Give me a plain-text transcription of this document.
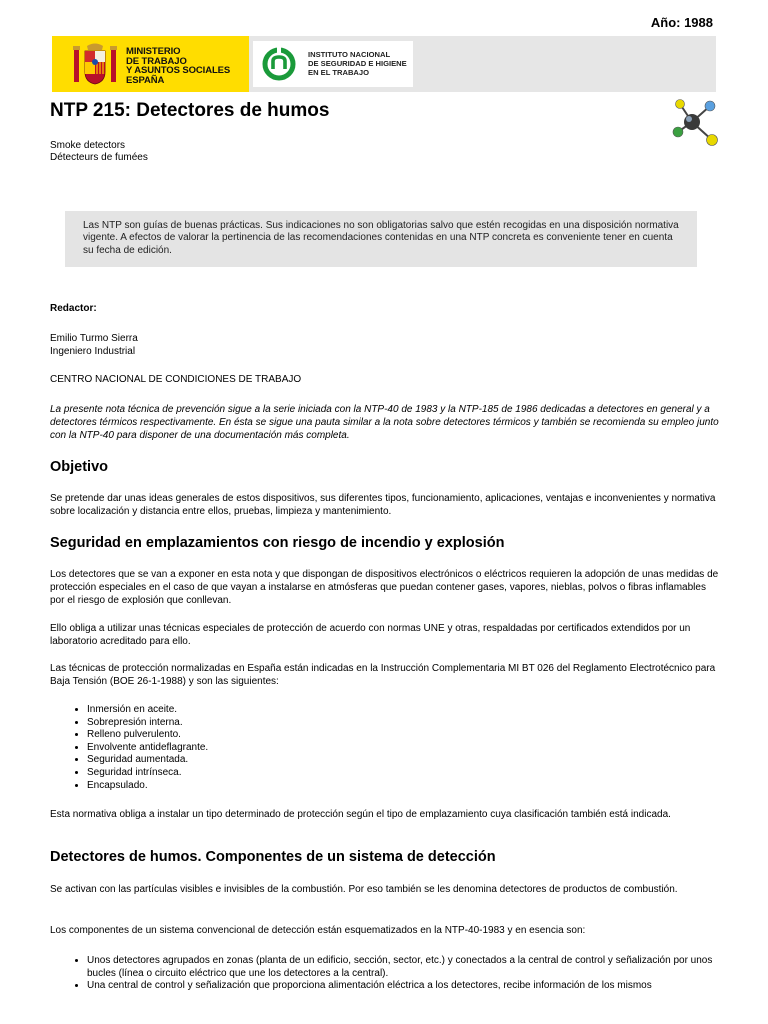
Año: 1988
MINISTERIO
DE TRABAJO
Y ASUNTOS SOCIALES
ESPAÑA
INSTITUTO NACIONAL
DE SEGURIDAD E HIGIENE
EN EL TRABAJO
NTP 215: Detectores de humos
Smoke detectors
Détecteurs de fumées
Las NTP son guías de buenas prácticas. Sus indicaciones no son obligatorias salvo que estén recogidas en una disposición normativa vigente. A efectos de valorar la pertinencia de las recomendaciones contenidas en una NTP concreta es conveniente tener en cuenta su fecha de edición.

Redactor:

Emilio Turmo Sierra

Ingeniero Industrial

CENTRO NACIONAL DE CONDICIONES DE TRABAJO

La presente nota técnica de prevención sigue a la serie iniciada con la NTP-40 de 1983 y la NTP-185 de 1986 dedicadas a detectores en general y a detectores térmicos respectivamente. En ésta se sigue una pauta similar a la nota sobre detectores térmicos y también se recomienda su empleo junto con la NTP-40 para disponer de una documentación más completa.

Objetivo

Se pretende dar unas ideas generales de estos dispositivos, sus diferentes tipos, funcionamiento, aplicaciones, ventajas e inconvenientes y normativa sobre localización y distancia entre ellos, pruebas, limpieza y mantenimiento.

Seguridad en emplazamientos con riesgo de incendio y explosión

Los detectores que se van a exponer en esta nota y que dispongan de dispositivos electrónicos o eléctricos requieren la adopción de unas medidas de protección especiales en el caso de que vayan a instalarse en atmósferas que puedan contener gases, vapores, nieblas, polvos o fibras inflamables por el riesgo de explosión que conllevan.

Ello obliga a utilizar unas técnicas especiales de protección de acuerdo con normas UNE y otras, respaldadas por certificados extendidos por un laboratorio acreditado para ello.

Las técnicas de protección normalizadas en España están indicadas en la Instrucción Complementaria MI BT 026 del Reglamento Electrotécnico para Baja Tensión (BOE 26-1-1988) y son las siguientes:

• Inmersión en aceite.
• Sobrepresión interna.
• Relleno pulverulento.
• Envolvente antideflagrante.
• Seguridad aumentada.
• Seguridad intrínseca.
• Encapsulado.

Esta normativa obliga a instalar un tipo determinado de protección según el tipo de emplazamiento cuya clasificación también está indicada.

Detectores de humos. Componentes de un sistema de detección

Se activan con las partículas visibles e invisibles de la combustión. Por eso también se les denomina detectores de productos de combustión.

Los componentes de un sistema convencional de detección están esquematizados en la NTP-40-1983 y en esencia son:

• Unos detectores agrupados en zonas (planta de un edificio, sección, sector, etc.) y conectados a la central de control y señalización por unos bucles (línea o circuito eléctrico que une los detectores a la central).
• Una central de control y señalización que proporciona alimentación eléctrica a los detectores, recibe información de los mismos
